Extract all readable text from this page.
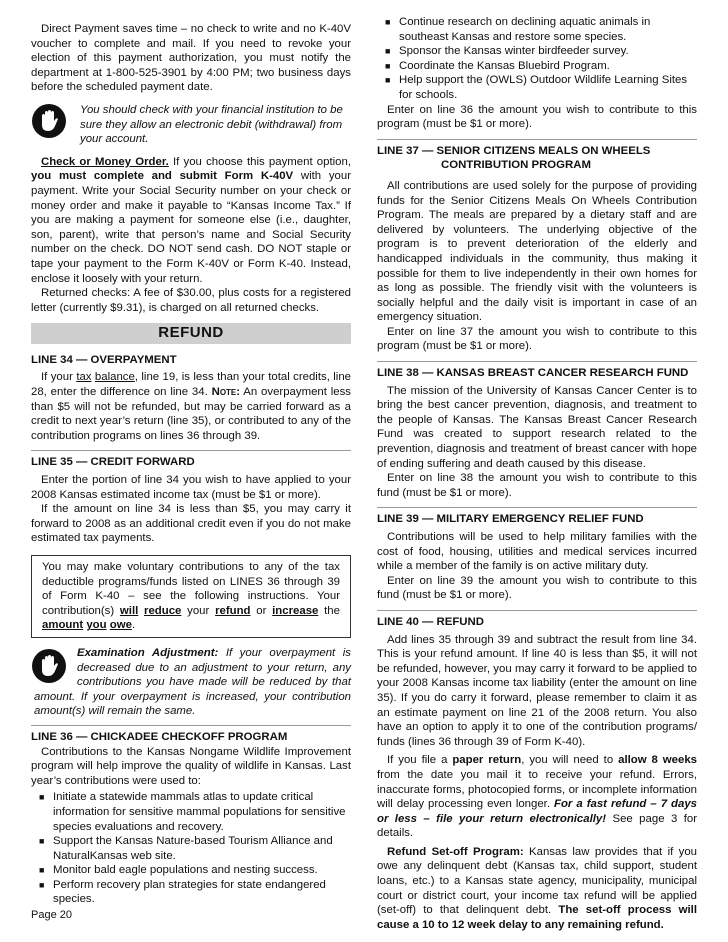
Direct Payment saves time – no check to write and no K-40V voucher to complete and mail. If you need to revoke your election of this payment authorization, you must notify the department at 1-800-525-3901 by 4:00 PM; two business days before the scheduled payment date.

You should check with your financial institution to be sure they allow an electronic debit (withdrawal) from your account.

Check or Money Order. If you choose this payment option, you must complete and submit Form K-40V with your payment. Write your Social Security number on your check or money order and make it payable to “Kansas Income Tax.” If you are making a payment for someone else (i.e., daughter, son, parent), write that person’s name and Social Security number on the check. DO NOT send cash. DO NOT staple or tape your payment to the Form K-40V or Form K-40. Instead, enclose it loosely with your return.

Returned checks: A fee of $30.00, plus costs for a registered letter (currently $9.31), is charged on all returned checks.

REFUND
LINE 34 — OVERPAYMENT

If your tax balance, line 19, is less than your total credits, line 28, enter the difference on line 34. Note: An overpayment less than $5 will not be refunded, but may be carried forward as a credit to next year’s return (line 35), or contributed to any of the contribution programs on lines 36 through 39.

LINE 35 — CREDIT FORWARD

Enter the portion of line 34 you wish to have applied to your 2008 Kansas estimated income tax (must be $1 or more).

If the amount on line 34 is less than $5, you may carry it forward to 2008 as an additional credit even if you do not make estimated tax payments.

You may make voluntary contributions to any of the tax deductible programs/funds listed on LINES 36 through 39 of Form K-40 – see the following instructions. Your contribution(s) will reduce your refund or increase the amount you owe.

Examination Adjustment: If your overpayment is decreased due to an adjustment to your return, any contributions you have made will be reduced by that amount. If your overpayment is increased, your contribution amount(s) will remain the same.

LINE 36 — CHICKADEE CHECKOFF PROGRAM

Contributions to the Kansas Nongame Wildlife Improvement program will help improve the quality of wildlife in Kansas. Last year’s contributions were used to:

■ Initiate a statewide mammals atlas to update critical information for sensitive mammal populations for sensitive species evaluations and recovery.
■ Support the Kansas Nature-based Tourism Alliance and NaturalKansas web site.
■ Monitor bald eagle populations and nesting success.
■ Perform recovery plan strategies for state endangered species.
■ Continue research on declining aquatic animals in southeast Kansas and restore some species.
■ Sponsor the Kansas winter birdfeeder survey.
■ Coordinate the Kansas Bluebird Program.
■ Help support the (OWLS) Outdoor Wildlife Learning Sites for schools.

Enter on line 36 the amount you wish to contribute to this program (must be $1 or more).

LINE 37 — SENIOR CITIZENS MEALS ON WHEELS
CONTRIBUTION PROGRAM

All contributions are used solely for the purpose of providing funds for the Senior Citizens Meals On Wheels Contribution Program. The meals are prepared by a dietary staff and are delivered by volunteers. The underlying objective of the program is to prevent deterioration of the elderly and handicapped individuals in the community, thus making it possible for them to live independently in their own homes for as long as possible. The friendly visit with the volunteers is socially helpful and the daily visit is important in case of an emergency situation.

Enter on line 37 the amount you wish to contribute to this program (must be $1 or more).

LINE 38 — KANSAS BREAST CANCER RESEARCH FUND

The mission of the University of Kansas Cancer Center is to bring the best cancer prevention, diagnosis, and treatment to the people of Kansas. The Kansas Breast Cancer Research Fund was created to support research related to the prevention, diagnosis and treatment of breast cancer with hope of ending suffering and death caused by this disease.

Enter on line 38 the amount you wish to contribute to this fund (must be $1 or more).

LINE 39 — MILITARY EMERGENCY RELIEF FUND

Contributions will be used to help military families with the cost of food, housing, utilities and medical services incurred while a member of the family is on active military duty.

Enter on line 39 the amount you wish to contribute to this fund (must be $1 or more).

LINE 40 — REFUND

Add lines 35 through 39 and subtract the result from line 34. This is your refund amount. If line 40 is less than $5, it will not be refunded, however, you may carry it forward to be applied to your 2008 Kansas income tax liability (enter the amount on line 35). If you do carry it forward, please remember to claim it as an estimate payment on line 21 of the 2008 return. You also have an option to apply it to one of the contribution programs/ funds (lines 36 through 39 of Form K-40).

If you file a paper return, you will need to allow 8 weeks from the date you mail it to receive your refund. Errors, inaccurate forms, photocopied forms, or incomplete information will delay processing even longer. For a fast refund – 7 days or less – file your return electronically! See page 3 for details.

Refund Set-off Program: Kansas law provides that if you owe any delinquent debt (Kansas tax, child support, student loans, etc.) to a Kansas state agency, municipality, municipal court or district court, your income tax refund will be applied (set-off) to that delinquent debt. The set-off process will cause a 10 to 12 week delay to any remaining refund.

Page 20
